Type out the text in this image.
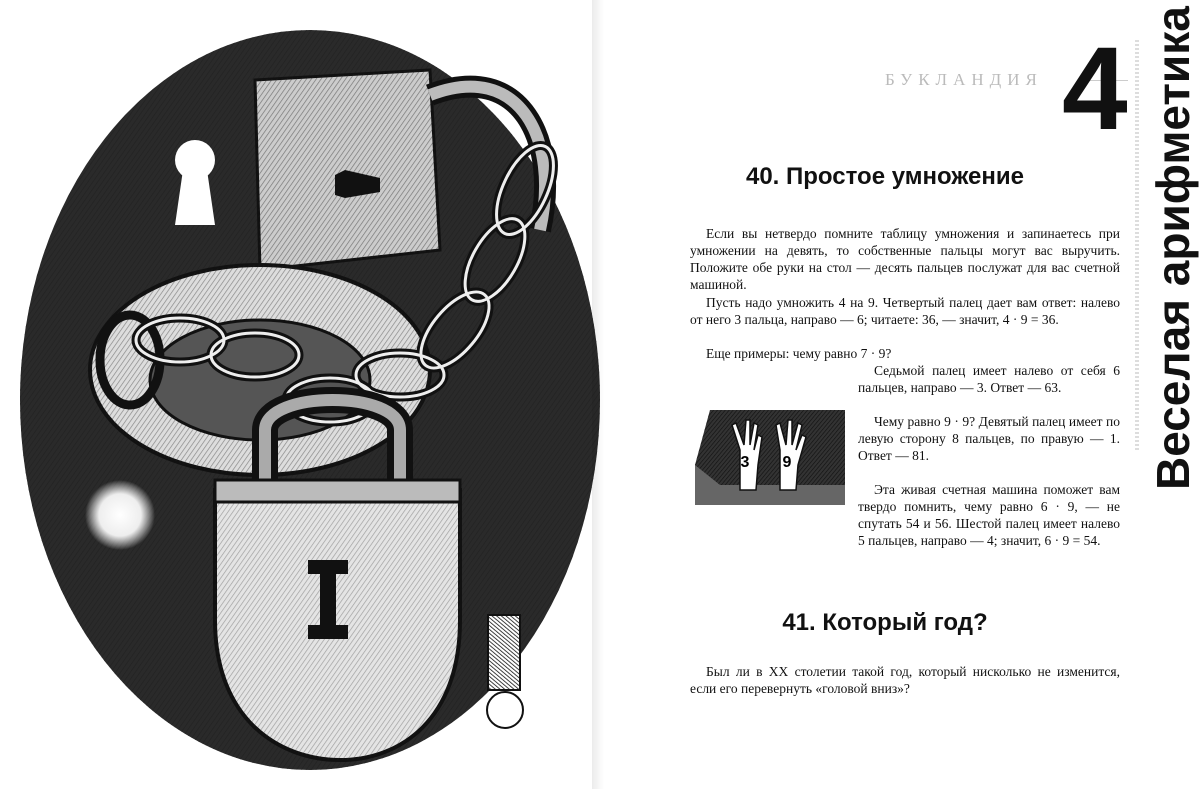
БУКЛАНДИЯ 4 Веселая арифметика
40. Простое умножение
Если вы нетвердо помните таблицу умножения и запинаетесь при умножении на девять, то собственные пальцы могут вас выручить. Положите обе руки на стол — десять пальцев послужат для вас счетной машиной.
Пусть надо умножить 4 на 9. Четвертый палец дает вам ответ: налево от него 3 пальца, направо — 6; читаете: 36, — значит, 4 · 9 = 36.
Еще примеры: чему равно 7 · 9?
Седьмой палец имеет налево от себя 6 пальцев, направо — 3. Ответ — 63.
Чему равно 9 · 9? Девятый палец имеет по левую сторону 8 пальцев, по правую — 1. Ответ — 81.
Эта живая счетная машина поможет вам твердо помнить, чему равно 6 · 9, — не спутать 54 и 56. Шестой палец имеет налево 5 пальцев, направо — 4; значит, 6 · 9 = 54.
3 9
41. Который год?
Был ли в XX столетии такой год, который нисколько не изменится, если его перевернуть «головой вниз»?
